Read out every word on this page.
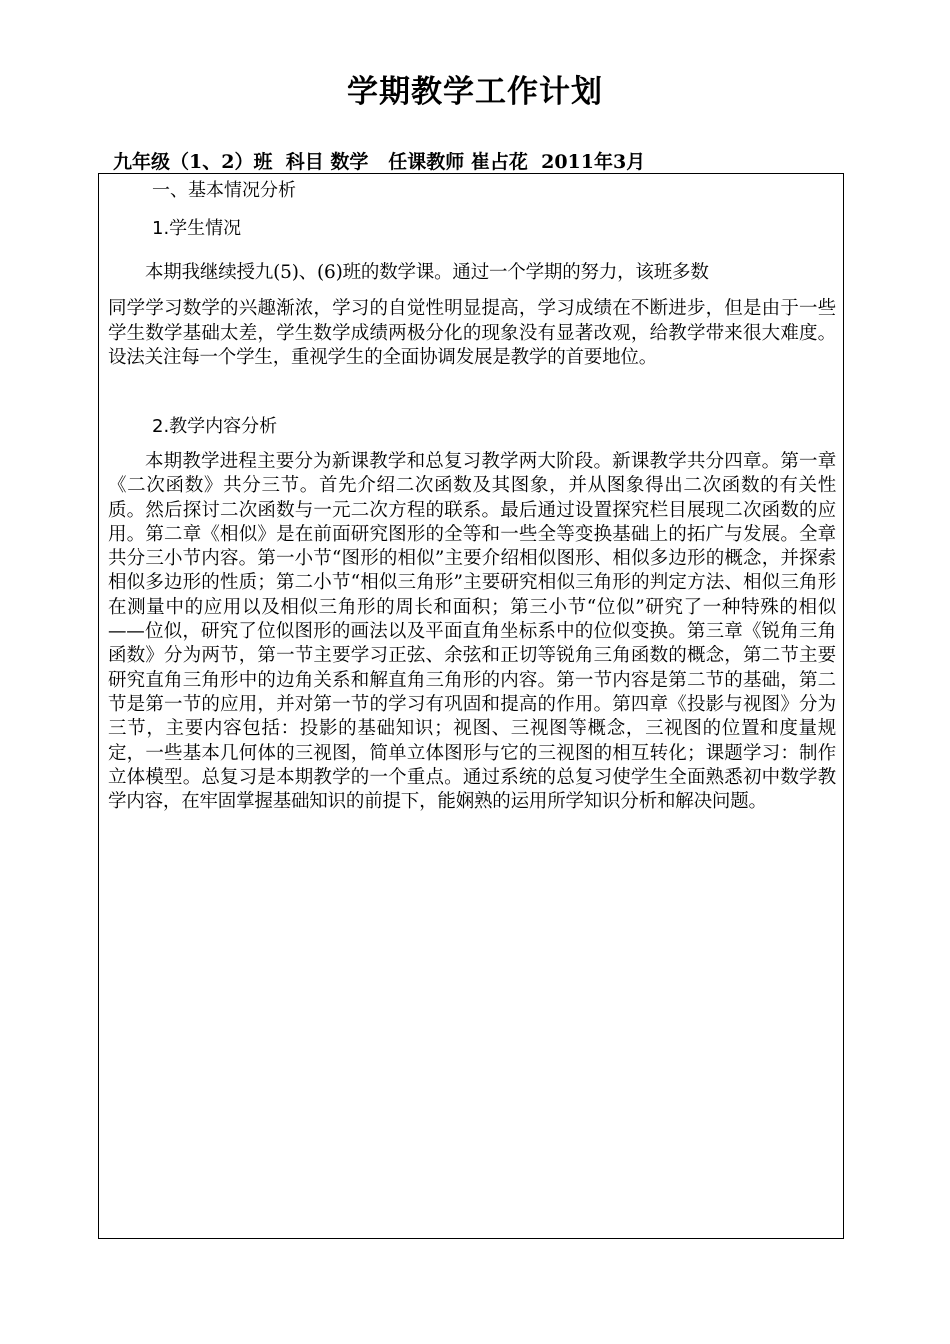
学期教学工作计划
九年级（1、2）班 科目 数学 任课教师 崔占花 2011年3月
一、基本情况分析
1.学生情况

本期我继续授九(5)、(6)班的数学课。通过一个学期的努力，该班多数
同学学习数学的兴趣渐浓，学习的自觉性明显提高，学习成绩在不断进步，但是由于一些学生数学基础太差，学生数学成绩两极分化的现象没有显著改观，给教学带来很大难度。设法关注每一个学生，重视学生的全面协调发展是教学的首要地位。

2.教学内容分析

本期教学进程主要分为新课教学和总复习教学两大阶段。新课教学共分四章。第一章《二次函数》共分三节。首先介绍二次函数及其图象，并从图象得出二次函数的有关性质。然后探讨二次函数与一元二次方程的联系。最后通过设置探究栏目展现二次函数的应用。第二章《相似》是在前面研究图形的全等和一些全等变换基础上的拓广与发展。全章共分三小节内容。第一小节“图形的相似”主要介绍相似图形、相似多边形的概念，并探索相似多边形的性质；第二小节“相似三角形”主要研究相似三角形的判定方法、相似三角形在测量中的应用以及相似三角形的周长和面积；第三小节“位似”研究了一种特殊的相似——位似，研究了位似图形的画法以及平面直角坐标系中的位似变换。第三章《锐角三角函数》分为两节，第一节主要学习正弦、余弦和正切等锐角三角函数的概念，第二节主要研究直角三角形中的边角关系和解直角三角形的内容。第一节内容是第二节的基础，第二节是第一节的应用，并对第一节的学习有巩固和提高的作用。第四章《投影与视图》分为三节，主要内容包括：投影的基础知识；视图、三视图等概念，三视图的位置和度量规定，一些基本几何体的三视图，简单立体图形与它的三视图的相互转化；课题学习：制作立体模型。总复习是本期教学的一个重点。通过系统的总复习使学生全面熟悉初中数学教学内容，在牢固掌握基础知识的前提下，能娴熟的运用所学知识分析和解决问题。
